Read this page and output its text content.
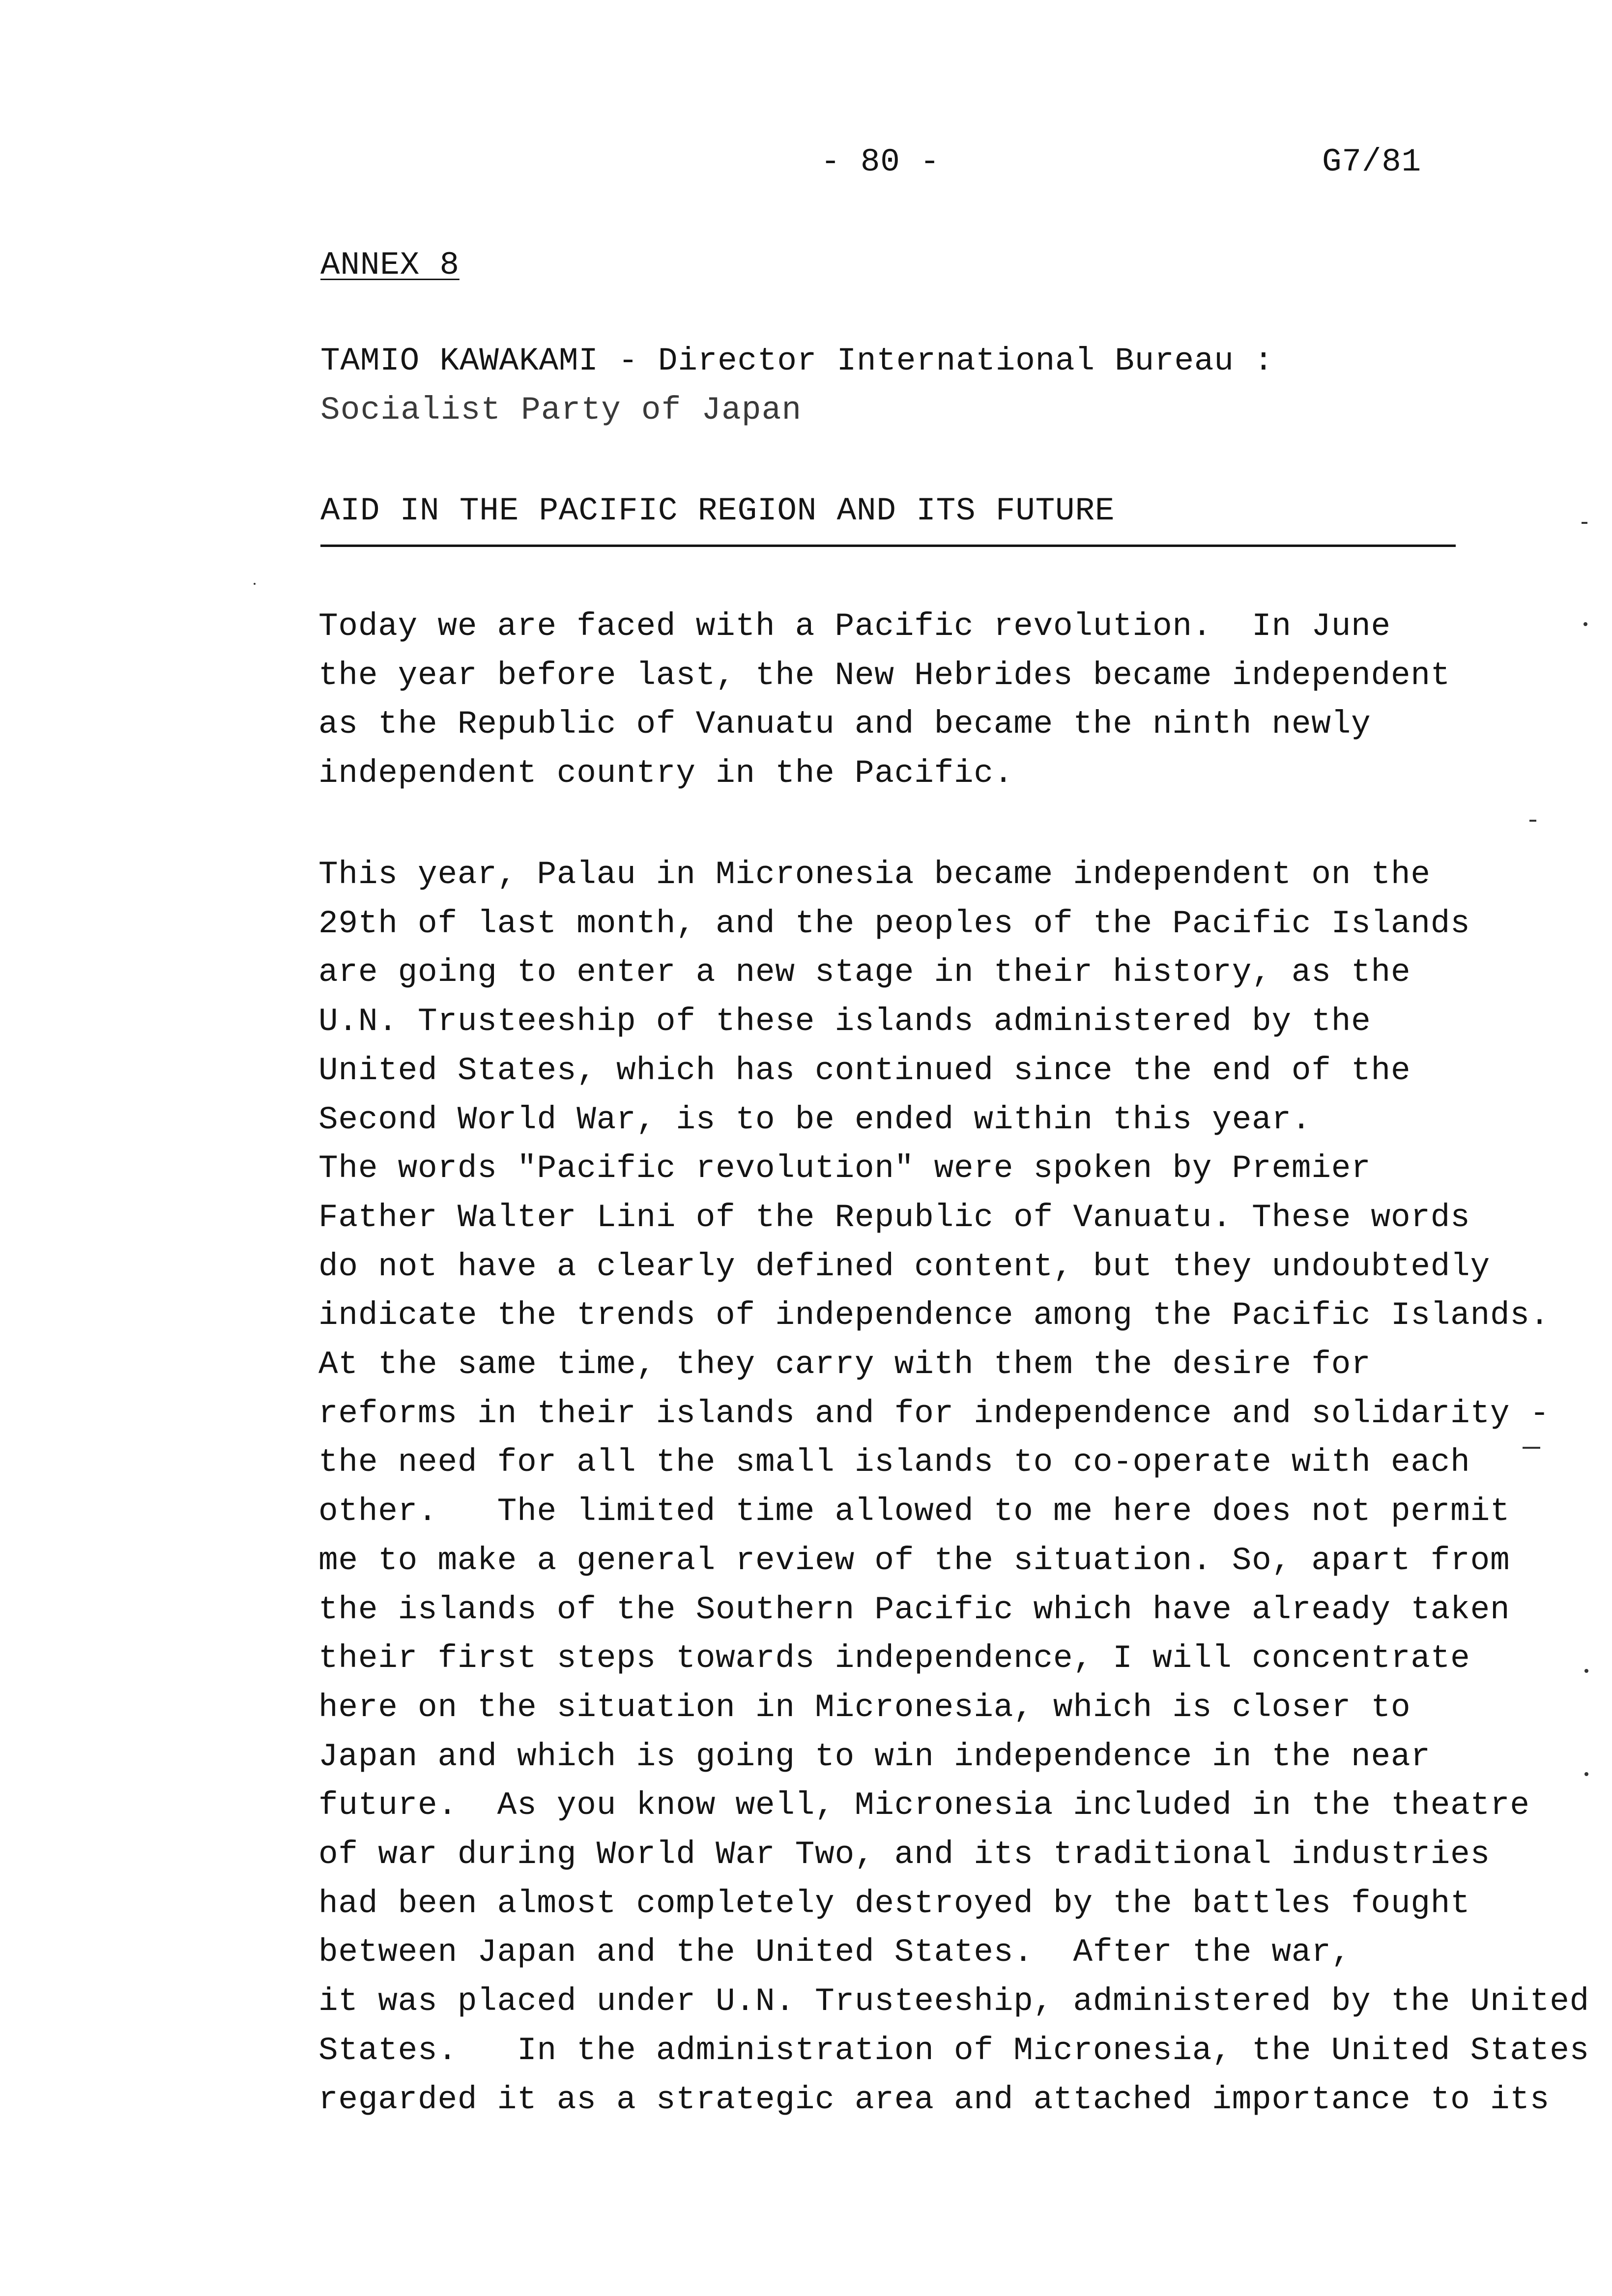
- 80 -	G7/81
ANNEX 8
TAMIO KAWAKAMI - Director International Bureau :
Socialist Party of Japan
AID IN THE PACIFIC REGION AND ITS FUTURE

Today we are faced with a Pacific revolution.  In June
the year before last, the New Hebrides became independent
as the Republic of Vanuatu and became the ninth newly
independent country in the Pacific.

This year, Palau in Micronesia became independent on the
29th of last month, and the peoples of the Pacific Islands
are going to enter a new stage in their history, as the
U.N. Trusteeship of these islands administered by the
United States, which has continued since the end of the
Second World War, is to be ended within this year.
The words "Pacific revolution" were spoken by Premier
Father Walter Lini of the Republic of Vanuatu. These words
do not have a clearly defined content, but they undoubtedly
indicate the trends of independence among the Pacific Islands.
At the same time, they carry with them the desire for
reforms in their islands and for independence and solidarity -
the need for all the small islands to co-operate with each
other.   The limited time allowed to me here does not permit
me to make a general review of the situation. So, apart from
the islands of the Southern Pacific which have already taken
their first steps towards independence, I will concentrate
here on the situation in Micronesia, which is closer to
Japan and which is going to win independence in the near
future.  As you know well, Micronesia included in the theatre
of war during World War Two, and its traditional industries
had been almost completely destroyed by the battles fought
between Japan and the United States.  After the war,
it was placed under U.N. Trusteeship, administered by the United
States.   In the administration of Micronesia, the United States
regarded it as a strategic area and attached importance to its
